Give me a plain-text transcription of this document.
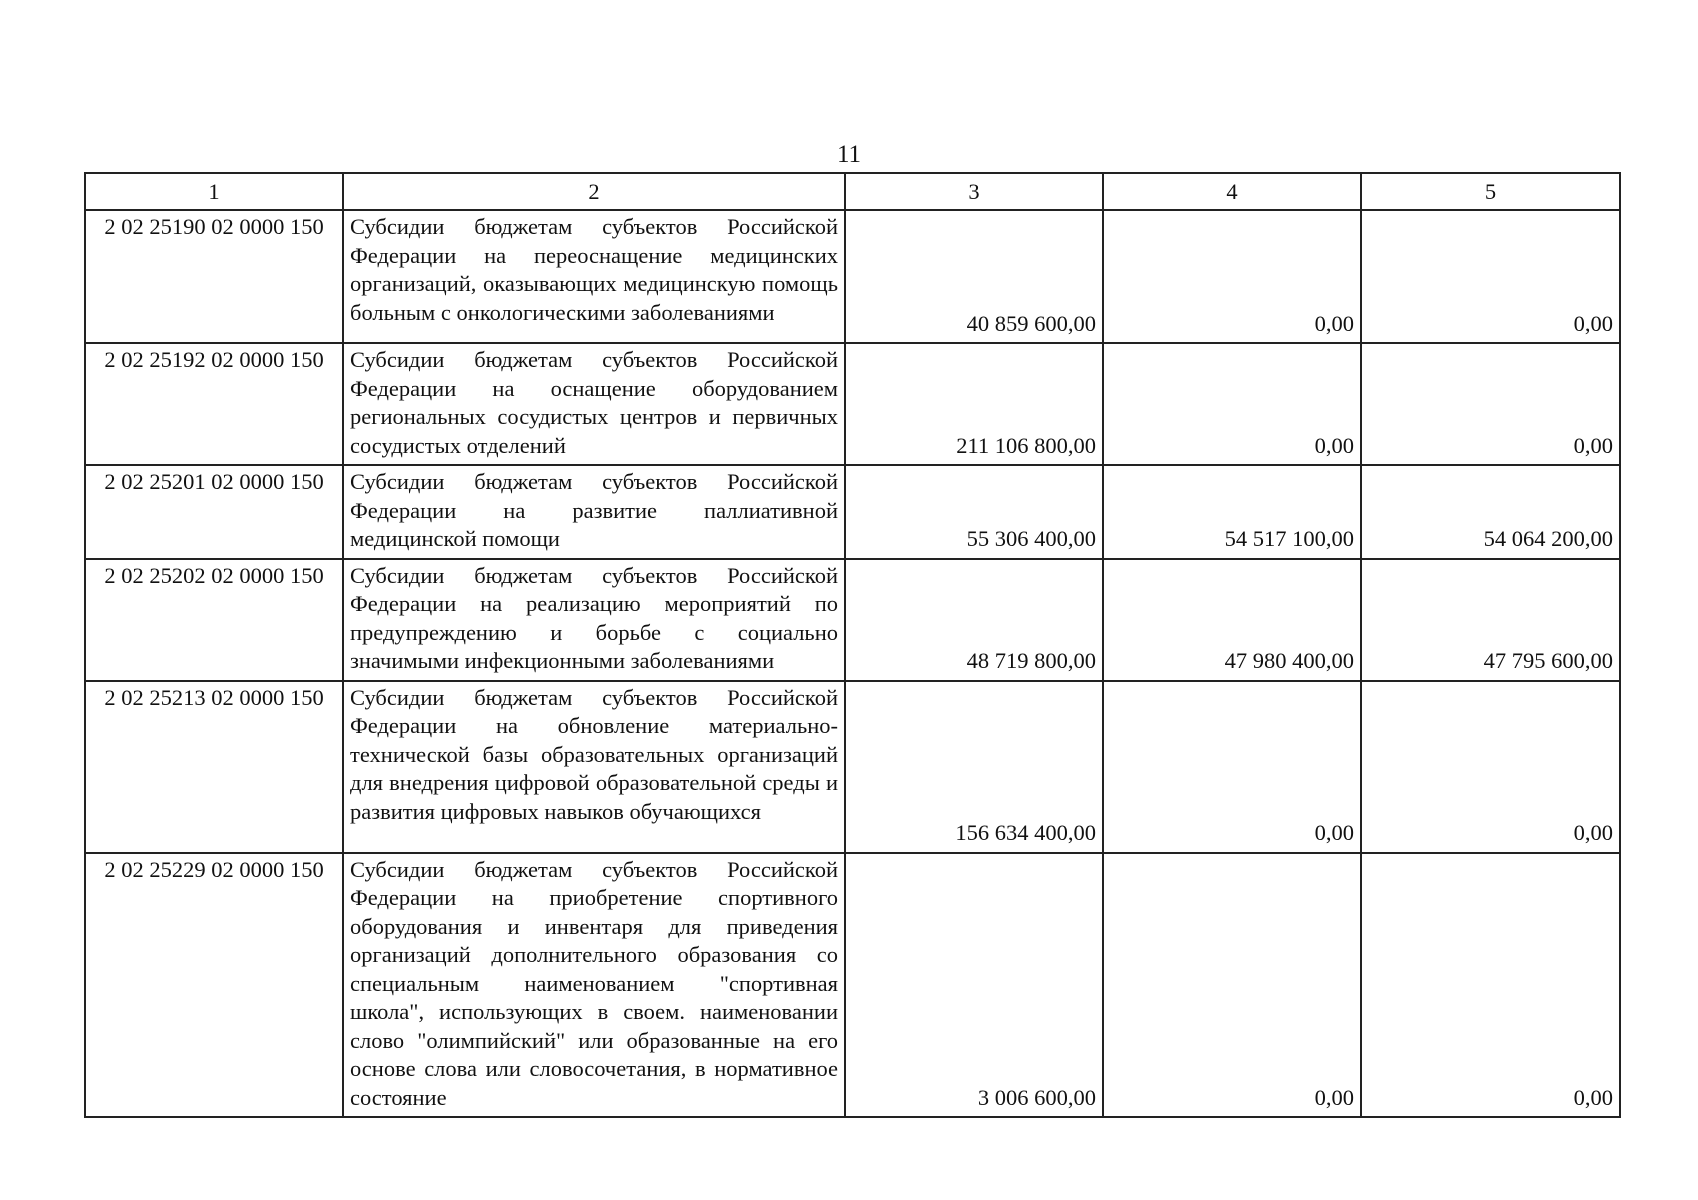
11
1	2	3	4	5
2 02 25190 02 0000 150	Субсидии бюджетам субъектов Российской Федерации на переоснащение медицинских организаций, оказывающих медицинскую помощь больным с онкологическими заболеваниями	40 859 600,00	0,00	0,00
2 02 25192 02 0000 150	Субсидии бюджетам субъектов Российской Федерации на оснащение оборудованием региональных сосудистых центров и первичных сосудистых отделений	211 106 800,00	0,00	0,00
2 02 25201 02 0000 150	Субсидии бюджетам субъектов Российской Федерации на развитие паллиативной медицинской помощи	55 306 400,00	54 517 100,00	54 064 200,00
2 02 25202 02 0000 150	Субсидии бюджетам субъектов Российской Федерации на реализацию мероприятий по предупреждению и борьбе с социально значимыми инфекционными заболеваниями	48 719 800,00	47 980 400,00	47 795 600,00
2 02 25213 02 0000 150	Субсидии бюджетам субъектов Российской Федерации на обновление материально-технической базы образовательных организаций для внедрения цифровой образовательной среды и развития цифровых навыков обучающихся	156 634 400,00	0,00	0,00
2 02 25229 02 0000 150	Субсидии бюджетам субъектов Российской Федерации на приобретение спортивного оборудования и инвентаря для приведения организаций дополнительного образования со специальным наименованием "спортивная школа", использующих в своем. наименовании слово "олимпийский" или образованные на его основе слова или словосочетания, в нормативное состояние	3 006 600,00	0,00	0,00
